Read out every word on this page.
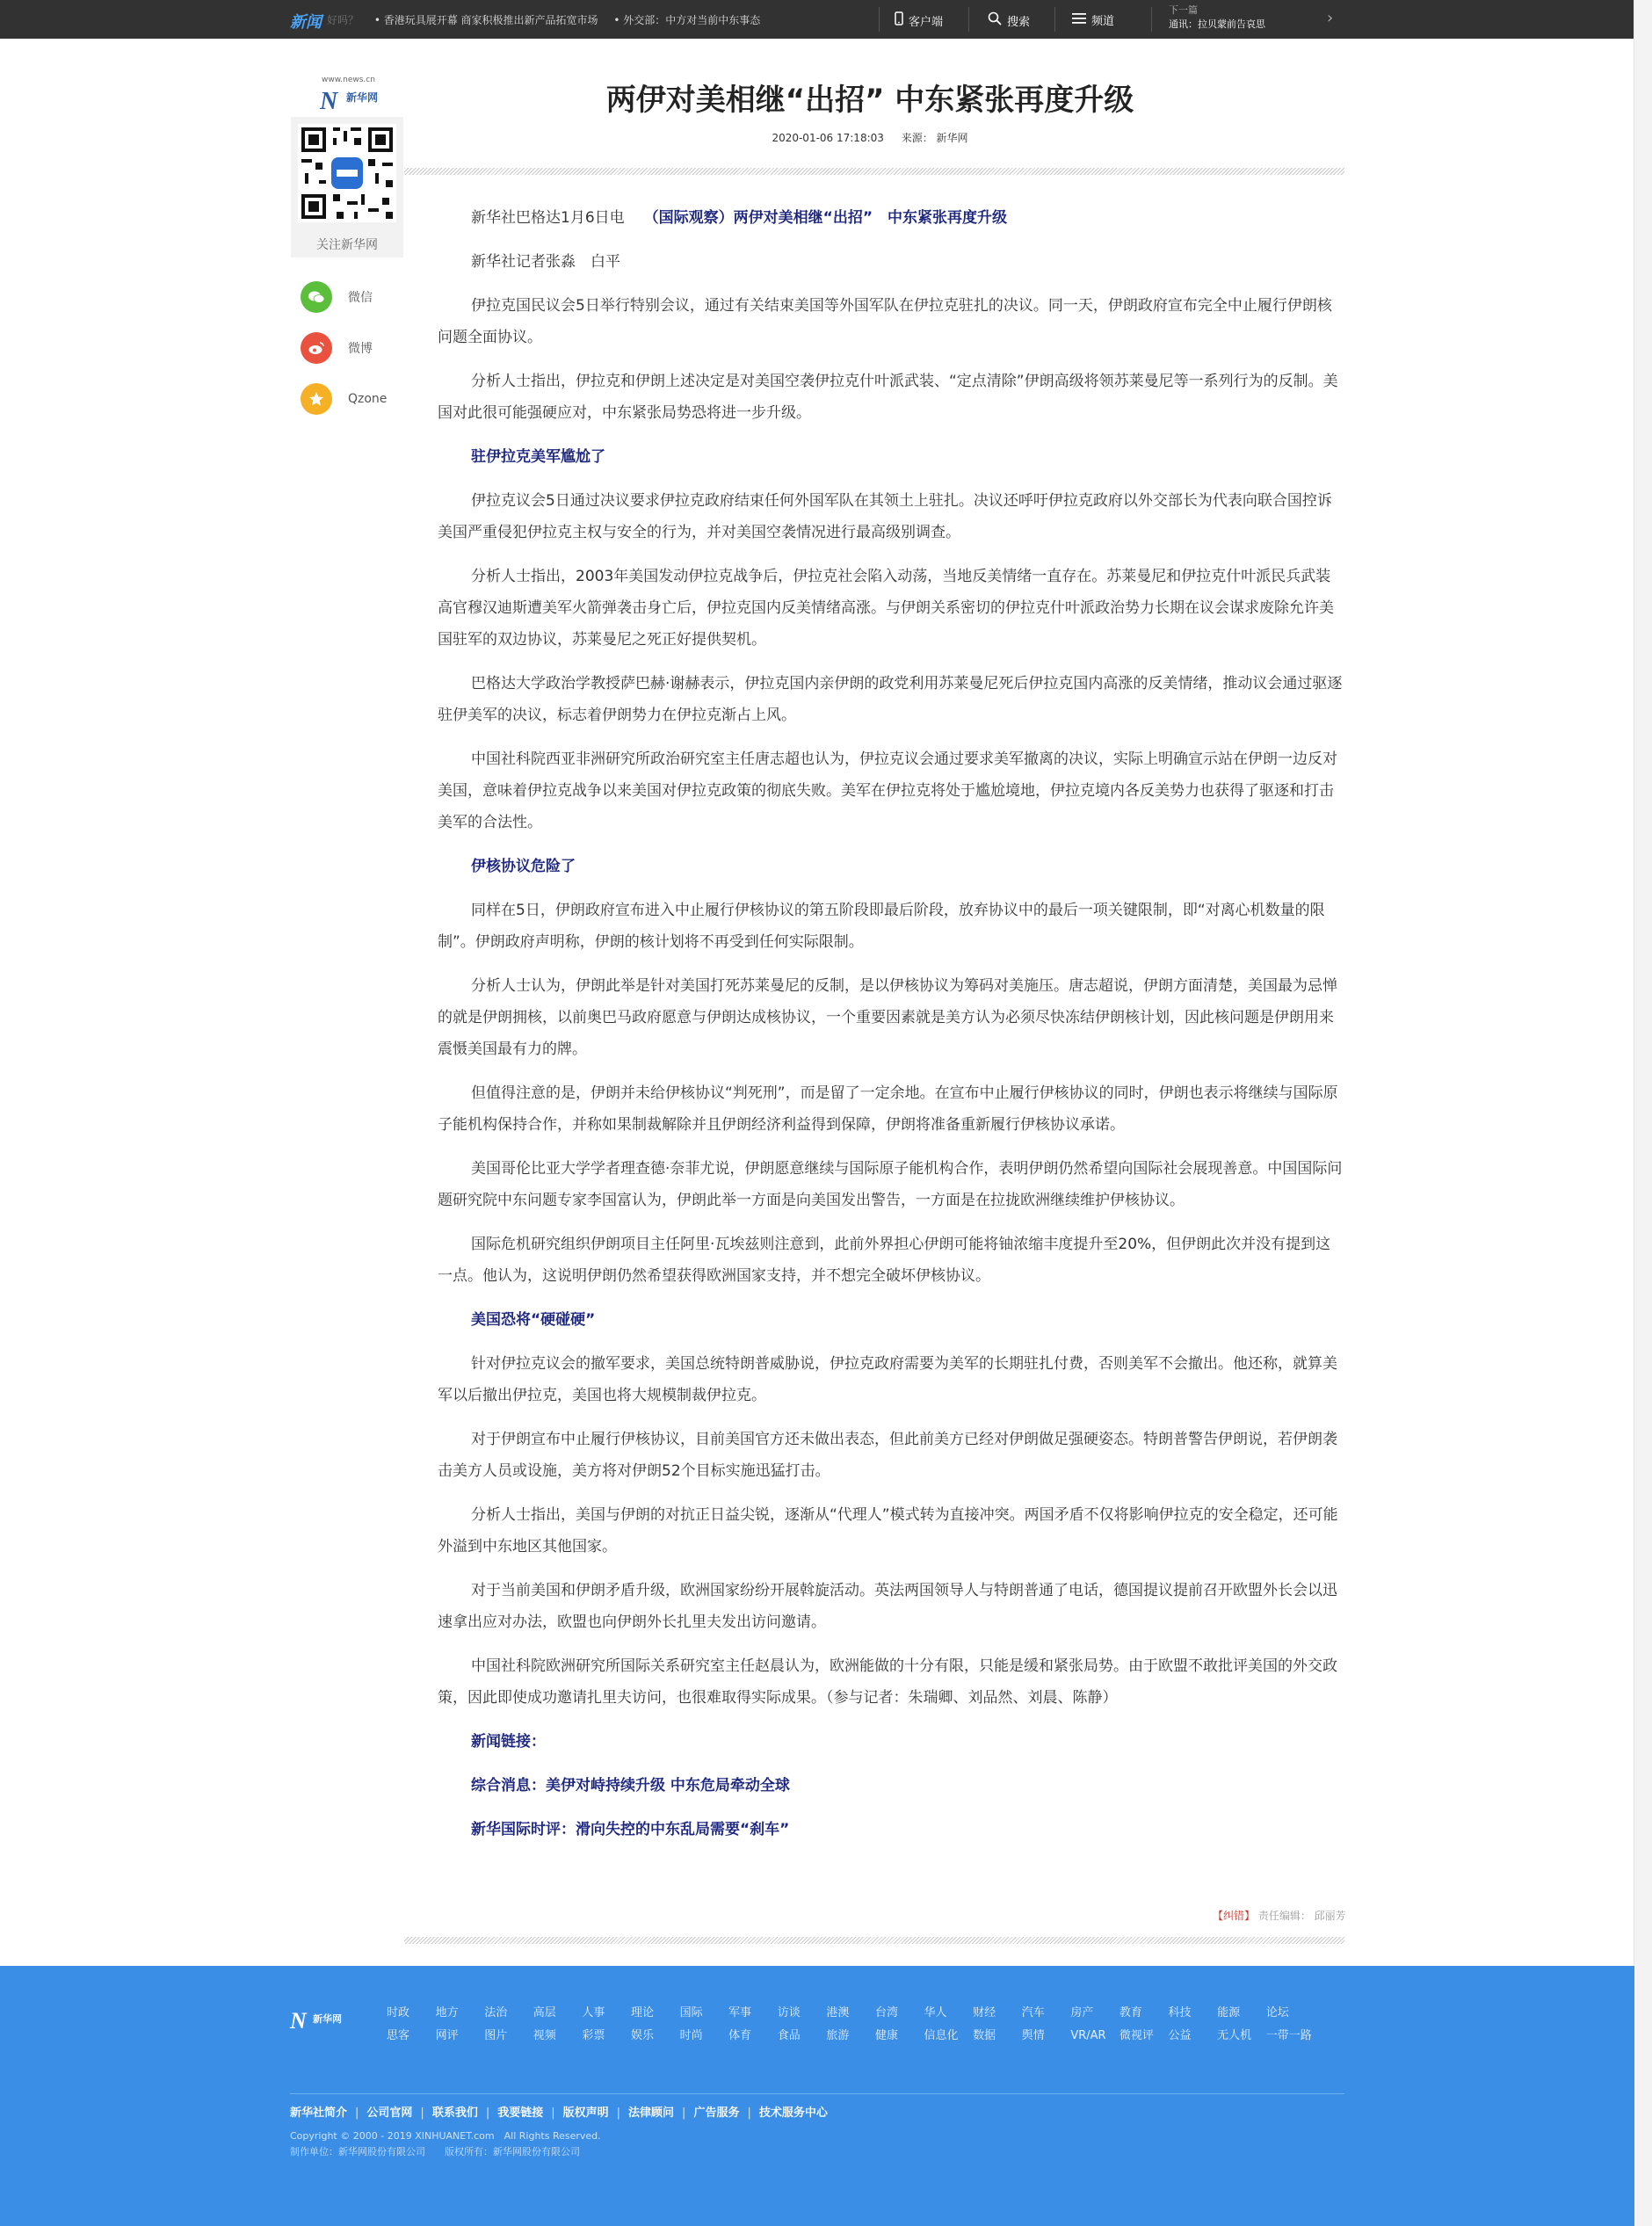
新闻 好吗？ • 香港玩具展开幕 商家积极推出新产品拓宽市场 • 外交部：中方对当前中东事态	客户端	搜索	频道
下一篇
通讯：拉贝蒙前告哀思	›
www.news.cn
N 新华网
关注新华网
微信
微博
Qzone
两伊对美相继“出招” 中东紧张再度升级
2020-01-06 17:18:03 来源： 新华网

新华社巴格达1月6日电 （国际观察）两伊对美相继“出招”　中东紧张再度升级

新华社记者张淼　白平

伊拉克国民议会5日举行特别会议，通过有关结束美国等外国军队在伊拉克驻扎的决议。同一天，伊朗政府宣布完全中止履行伊朗核问题全面协议。

分析人士指出，伊拉克和伊朗上述决定是对美国空袭伊拉克什叶派武装、“定点清除”伊朗高级将领苏莱曼尼等一系列行为的反制。美国对此很可能强硬应对，中东紧张局势恐将进一步升级。

驻伊拉克美军尴尬了

伊拉克议会5日通过决议要求伊拉克政府结束任何外国军队在其领土上驻扎。决议还呼吁伊拉克政府以外交部长为代表向联合国控诉美国严重侵犯伊拉克主权与安全的行为，并对美国空袭情况进行最高级别调查。

分析人士指出，2003年美国发动伊拉克战争后，伊拉克社会陷入动荡，当地反美情绪一直存在。苏莱曼尼和伊拉克什叶派民兵武装高官穆汉迪斯遭美军火箭弹袭击身亡后，伊拉克国内反美情绪高涨。与伊朗关系密切的伊拉克什叶派政治势力长期在议会谋求废除允许美国驻军的双边协议，苏莱曼尼之死正好提供契机。

巴格达大学政治学教授萨巴赫·谢赫表示，伊拉克国内亲伊朗的政党利用苏莱曼尼死后伊拉克国内高涨的反美情绪，推动议会通过驱逐驻伊美军的决议，标志着伊朗势力在伊拉克渐占上风。

中国社科院西亚非洲研究所政治研究室主任唐志超也认为，伊拉克议会通过要求美军撤离的决议，实际上明确宣示站在伊朗一边反对美国，意味着伊拉克战争以来美国对伊拉克政策的彻底失败。美军在伊拉克将处于尴尬境地，伊拉克境内各反美势力也获得了驱逐和打击美军的合法性。

伊核协议危险了

同样在5日，伊朗政府宣布进入中止履行伊核协议的第五阶段即最后阶段，放弃协议中的最后一项关键限制，即“对离心机数量的限制”。伊朗政府声明称，伊朗的核计划将不再受到任何实际限制。

分析人士认为，伊朗此举是针对美国打死苏莱曼尼的反制，是以伊核协议为筹码对美施压。唐志超说，伊朗方面清楚，美国最为忌惮的就是伊朗拥核，以前奥巴马政府愿意与伊朗达成核协议，一个重要因素就是美方认为必须尽快冻结伊朗核计划，因此核问题是伊朗用来震慑美国最有力的牌。

但值得注意的是，伊朗并未给伊核协议“判死刑”，而是留了一定余地。在宣布中止履行伊核协议的同时，伊朗也表示将继续与国际原子能机构保持合作，并称如果制裁解除并且伊朗经济利益得到保障，伊朗将准备重新履行伊核协议承诺。

美国哥伦比亚大学学者理查德·奈菲尤说，伊朗愿意继续与国际原子能机构合作，表明伊朗仍然希望向国际社会展现善意。中国国际问题研究院中东问题专家李国富认为，伊朗此举一方面是向美国发出警告，一方面是在拉拢欧洲继续维护伊核协议。

国际危机研究组织伊朗项目主任阿里·瓦埃兹则注意到，此前外界担心伊朗可能将铀浓缩丰度提升至20%，但伊朗此次并没有提到这一点。他认为，这说明伊朗仍然希望获得欧洲国家支持，并不想完全破坏伊核协议。

美国恐将“硬碰硬”

针对伊拉克议会的撤军要求，美国总统特朗普威胁说，伊拉克政府需要为美军的长期驻扎付费，否则美军不会撤出。他还称，就算美军以后撤出伊拉克，美国也将大规模制裁伊拉克。

对于伊朗宣布中止履行伊核协议，目前美国官方还未做出表态，但此前美方已经对伊朗做足强硬姿态。特朗普警告伊朗说，若伊朗袭击美方人员或设施，美方将对伊朗52个目标实施迅猛打击。

分析人士指出，美国与伊朗的对抗正日益尖锐，逐渐从“代理人”模式转为直接冲突。两国矛盾不仅将影响伊拉克的安全稳定，还可能外溢到中东地区其他国家。

对于当前美国和伊朗矛盾升级，欧洲国家纷纷开展斡旋活动。英法两国领导人与特朗普通了电话，德国提议提前召开欧盟外长会以迅速拿出应对办法，欧盟也向伊朗外长扎里夫发出访问邀请。

中国社科院欧洲研究所国际关系研究室主任赵晨认为，欧洲能做的十分有限，只能是缓和紧张局势。由于欧盟不敢批评美国的外交政策，因此即使成功邀请扎里夫访问，也很难取得实际成果。（参与记者：朱瑞卿、刘品然、刘晨、陈静）

新闻链接：

综合消息：美伊对峙持续升级 中东危局牵动全球

新华国际时评：滑向失控的中东乱局需要“刹车”

【纠错】 责任编辑： 邱丽芳
N 新华网	时政 地方 法治 高层 人事 理论 国际 军事 访谈 港澳 台湾 华人 财经 汽车 房产 教育 科技 能源 论坛
思客 网评 图片 视频 彩票 娱乐 时尚 体育 食品 旅游 健康 信息化 数据 舆情 VR/AR 微视评 公益 无人机 一带一路
新华社简介 | 公司官网 | 联系我们 | 我要链接 | 版权声明 | 法律顾问 | 广告服务 | 技术服务中心
Copyright © 2000 - 2019 XINHUANET.com　All Rights Reserved.
制作单位：新华网股份有限公司　　版权所有：新华网股份有限公司
